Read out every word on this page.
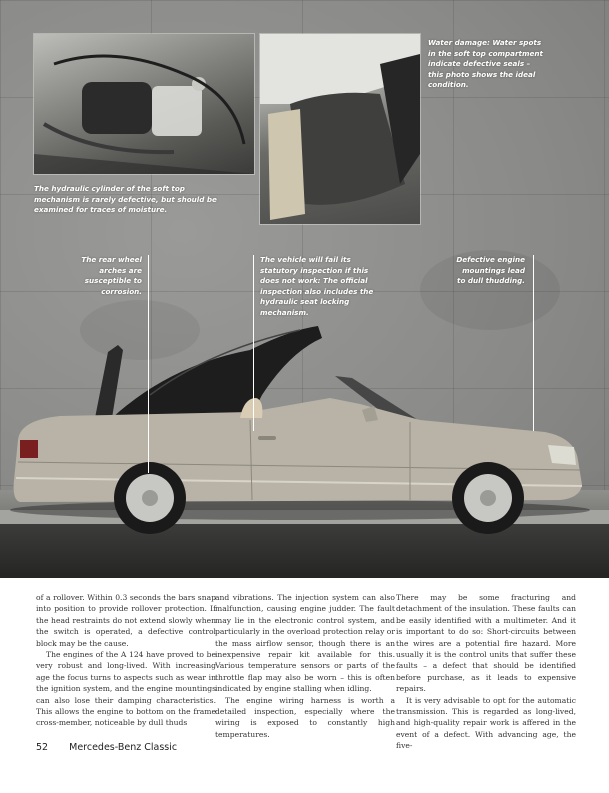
The hydraulic cylinder of the soft top mechanism is rarely defective, but should be examined for traces of moisture.
Water damage: Water spots in the soft top compartment indicate defective seals – this photo shows the ideal condition.
The rear wheel arches are susceptible to corrosion.
The vehicle will fail its statutory inspection if this does not work: The official inspection also includes the hydraulic seat locking mechanism.
Defective engine mountings lead to dull thudding.

of a rollover. Within 0.3 seconds the bars snap into position to provide rollover protection. If the head restraints do not extend slowly when the switch is operated, a defective control block may be the cause.

The engines of the A 124 have proved to be very robust and long-lived. With increasing age the focus turns to aspects such as wear in the ignition system, and the engine mountings can also lose their damping characteristics. This allows the engine to bottom on the frame cross-member, noticeable by dull thuds

and vibrations. The injection system can also malfunction, causing engine judder. The fault may lie in the electronic control system, and particularly in the overload protection relay or the mass airflow sensor, though there is an inexpensive repair kit available for this. Various temperature sensors or parts of the throttle flap may also be worn – this is often indicated by engine stalling when idling.

The engine wiring harness is worth a detailed inspection, especially where the wiring is exposed to constantly high temperatures.

There may be some fracturing and detachment of the insulation. These faults can be easily identified with a multimeter. And it is important to do so: Short-circuits between the wires are a potential fire hazard. More usually it is the control units that suffer these faults – a defect that should be identified before purchase, as it leads to expensive repairs.

It is very advisable to opt for the automatic transmission. This is regarded as long-lived, and high-quality repair work is affered in the event of a defect. With advancing age, the five-

52 Mercedes-Benz Classic
